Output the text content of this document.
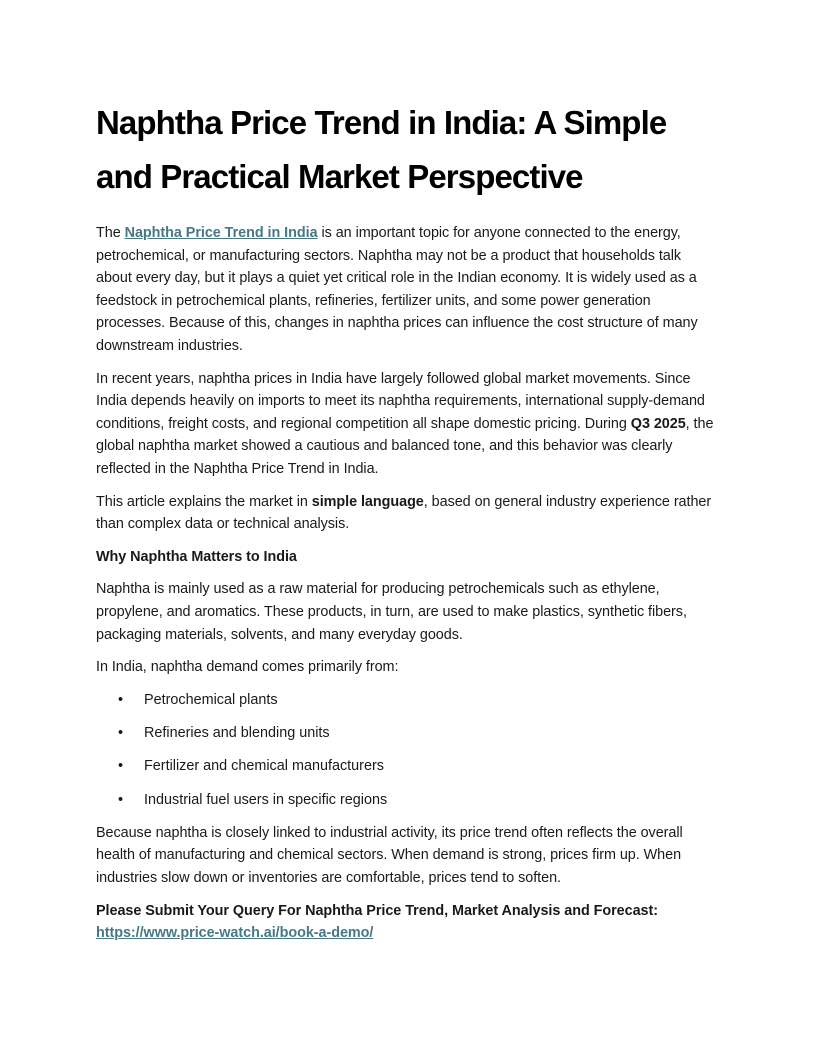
Naphtha Price Trend in India: A Simple and Practical Market Perspective

The Naphtha Price Trend in India is an important topic for anyone connected to the energy, petrochemical, or manufacturing sectors. Naphtha may not be a product that households talk about every day, but it plays a quiet yet critical role in the Indian economy. It is widely used as a feedstock in petrochemical plants, refineries, fertilizer units, and some power generation processes. Because of this, changes in naphtha prices can influence the cost structure of many downstream industries.

In recent years, naphtha prices in India have largely followed global market movements. Since India depends heavily on imports to meet its naphtha requirements, international supply-demand conditions, freight costs, and regional competition all shape domestic pricing. During Q3 2025, the global naphtha market showed a cautious and balanced tone, and this behavior was clearly reflected in the Naphtha Price Trend in India.

This article explains the market in simple language, based on general industry experience rather than complex data or technical analysis.

Why Naphtha Matters to India

Naphtha is mainly used as a raw material for producing petrochemicals such as ethylene, propylene, and aromatics. These products, in turn, are used to make plastics, synthetic fibers, packaging materials, solvents, and many everyday goods.

In India, naphtha demand comes primarily from:

• Petrochemical plants
• Refineries and blending units
• Fertilizer and chemical manufacturers
• Industrial fuel users in specific regions

Because naphtha is closely linked to industrial activity, its price trend often reflects the overall health of manufacturing and chemical sectors. When demand is strong, prices firm up. When industries slow down or inventories are comfortable, prices tend to soften.

Please Submit Your Query For Naphtha Price Trend, Market Analysis and Forecast: https://www.price-watch.ai/book-a-demo/
